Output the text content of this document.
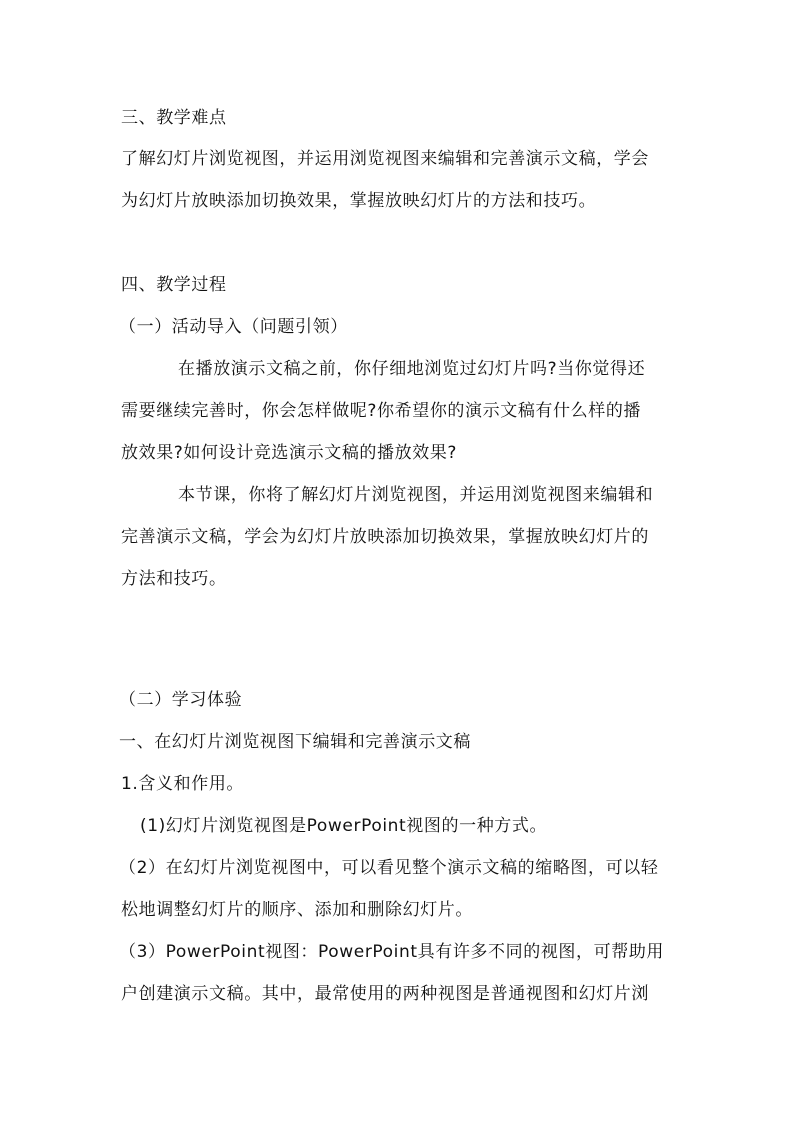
三、教学难点
了解幻灯片浏览视图，并运用浏览视图来编辑和完善演示文稿，学会
为幻灯片放映添加切换效果，掌握放映幻灯片的方法和技巧。
四、教学过程
（一）活动导入（问题引领）
在播放演示文稿之前，你仔细地浏览过幻灯片吗?当你觉得还
需要继续完善时，你会怎样做呢?你希望你的演示文稿有什么样的播
放效果?如何设计竞选演示文稿的播放效果?
本节课，你将了解幻灯片浏览视图，并运用浏览视图来编辑和
完善演示文稿，学会为幻灯片放映添加切换效果，掌握放映幻灯片的
方法和技巧。
（二）学习体验
一、在幻灯片浏览视图下编辑和完善演示文稿
1.含义和作用。
(1)幻灯片浏览视图是PowerPoint视图的一种方式。
（2）在幻灯片浏览视图中，可以看见整个演示文稿的缩略图，可以轻
松地调整幻灯片的顺序、添加和删除幻灯片。
（3）PowerPoint视图：PowerPoint具有许多不同的视图，可帮助用
户创建演示文稿。其中，最常使用的两种视图是普通视图和幻灯片浏
